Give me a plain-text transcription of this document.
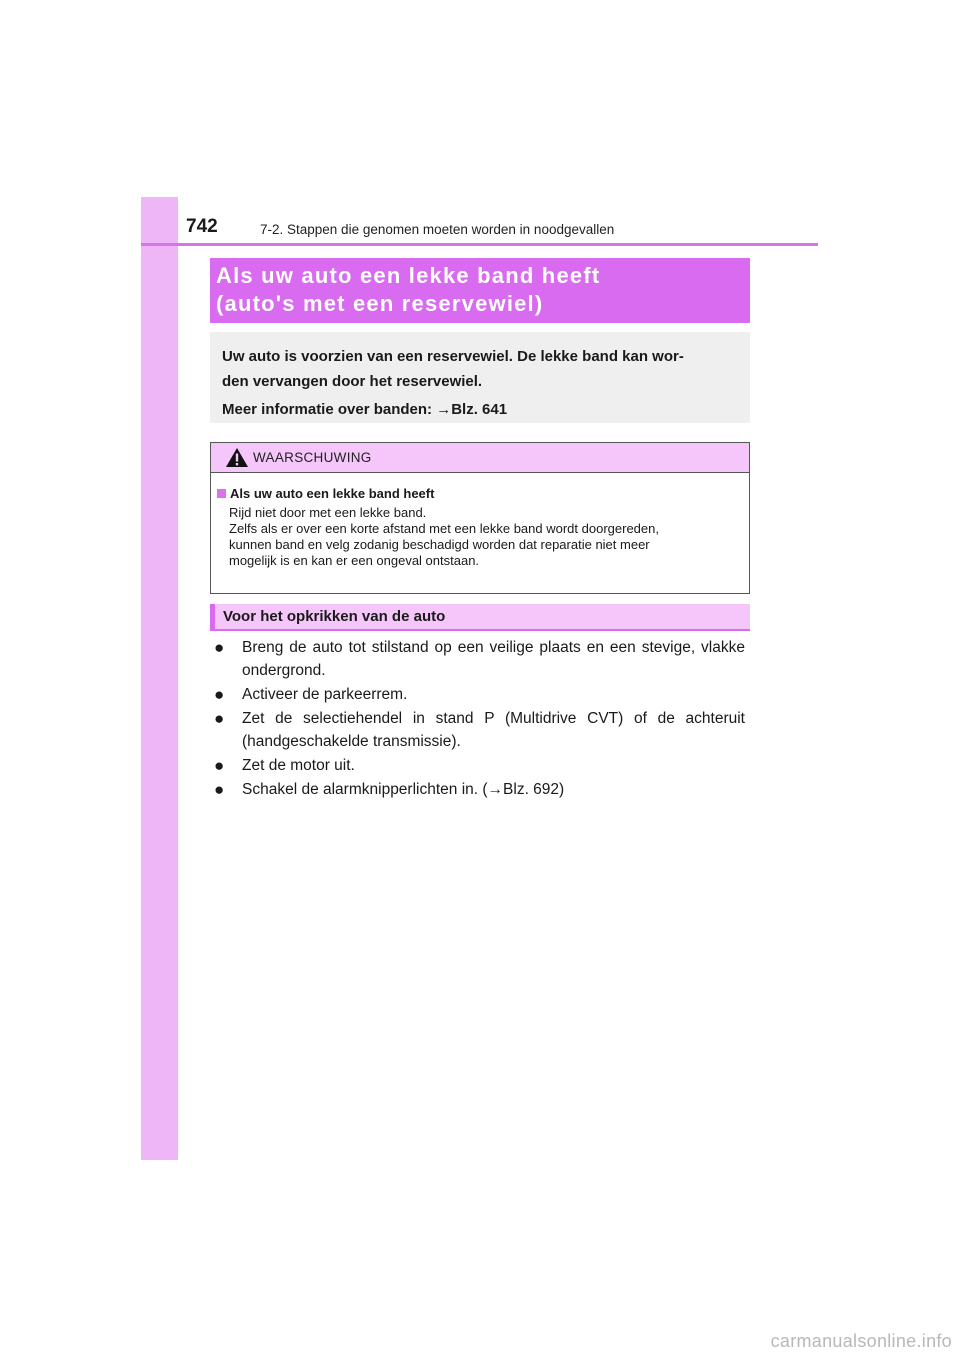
742	7-2. Stappen die genomen moeten worden in noodgevallen
Als uw auto een lekke band heeft
(auto's met een reservewiel)
Uw auto is voorzien van een reservewiel. De lekke band kan wor-
den vervangen door het reservewiel.
Meer informatie over banden: →Blz. 641
WAARSCHUWING
Als uw auto een lekke band heeft
Rijd niet door met een lekke band.
Zelfs als er over een korte afstand met een lekke band wordt doorgereden,
kunnen band en velg zodanig beschadigd worden dat reparatie niet meer
mogelijk is en kan er een ongeval ontstaan.
Voor het opkrikken van de auto
● Breng de auto tot stilstand op een veilige plaats en een stevige, vlakke ondergrond.
● Activeer de parkeerrem.
● Zet de selectiehendel in stand P (Multidrive CVT) of de achteruit (handgeschakelde transmissie).
● Zet de motor uit.
● Schakel de alarmknipperlichten in. (→Blz. 692)
carmanualsonline.info
